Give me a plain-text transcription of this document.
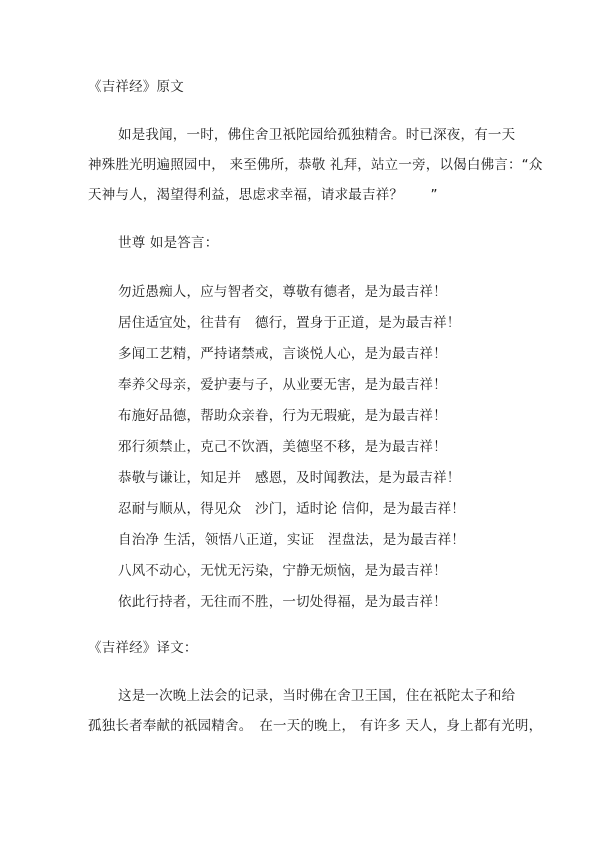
《吉祥经》原文
如是我闻，一时，佛住舍卫祇陀园给孤独精舍。时已深夜，有一天
神殊胜光明遍照园中， 来至佛所，恭敬 礼拜，站立一旁，以偈白佛言：“众
天神与人，渴望得利益，思虑求幸福，请求最吉祥？　　”
世尊 如是答言：
勿近愚痴人，应与智者交，尊敬有德者，是为最吉祥！
居住适宜处，往昔有　德行，置身于正道，是为最吉祥！
多闻工艺精，严持诸禁戒，言谈悦人心，是为最吉祥！
奉养父母亲，爱护妻与子，从业要无害，是为最吉祥！
布施好品德，帮助众亲眷，行为无瑕疵，是为最吉祥！
邪行须禁止，克己不饮酒，美德坚不移，是为最吉祥！
恭敬与谦让，知足并　感恩，及时闻教法，是为最吉祥！
忍耐与顺从，得见众　沙门，适时论 信仰，是为最吉祥！
自治净 生活，领悟八正道，实证　涅盘法，是为最吉祥！
八风不动心，无忧无污染，宁静无烦恼，是为最吉祥！
依此行持者，无往而不胜，一切处得福，是为最吉祥！
《吉祥经》译文：
这是一次晚上法会的记录，当时佛在舍卫王国，住在祇陀太子和给
孤独长者奉献的祇园精舍。　在一天的晚上， 有许多 天人，身上都有光明，
